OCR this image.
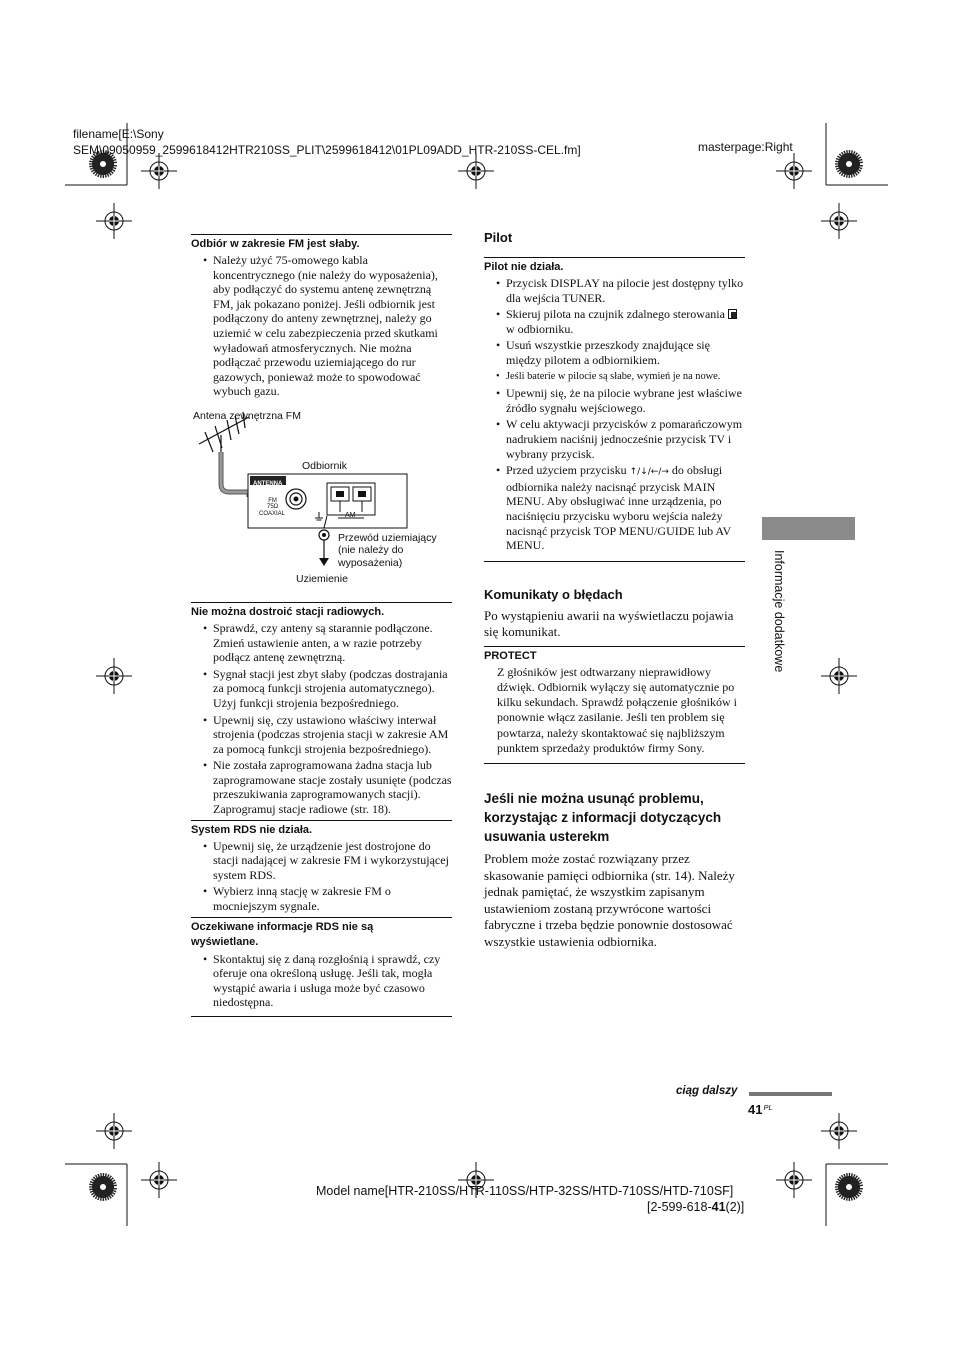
filename[E:\Sony
SEM\09050959_2599618412HTR210SS_PLIT\2599618412\01PL09ADD_HTR-210SS-CEL.fm]	masterpage:Right
Odbiór w zakresie FM jest słaby.
• Należy użyć 75-omowego kabla koncentrycznego (nie należy do wyposażenia), aby podłączyć do systemu antenę zewnętrzną FM, jak pokazano poniżej. Jeśli odbiornik jest podłączony do anteny zewnętrznej, należy go uziemić w celu zabezpieczenia przed skutkami wyładowań atmosferycznych. Nie można podłączać przewodu uziemiającego do rur gazowych, ponieważ może to spowodować wybuch gazu.
Antena zewnętrzna FM
Odbiornik
ANTENNA
FM
75Ω
COAXIAL	AM
Przewód uziemiający
(nie należy do
wyposażenia)
Uziemienie
Nie można dostroić stacji radiowych.
• Sprawdź, czy anteny są starannie podłączone. Zmień ustawienie anten, a w razie potrzeby podłącz antenę zewnętrzną.
• Sygnał stacji jest zbyt słaby (podczas dostrajania za pomocą funkcji strojenia automatycznego). Użyj funkcji strojenia bezpośredniego.
• Upewnij się, czy ustawiono właściwy interwał strojenia (podczas strojenia stacji w zakresie AM za pomocą funkcji strojenia bezpośredniego).
• Nie została zaprogramowana żadna stacja lub zaprogramowane stacje zostały usunięte (podczas przeszukiwania zaprogramowanych stacji). Zaprogramuj stacje radiowe (str. 18).
System RDS nie działa.
• Upewnij się, że urządzenie jest dostrojone do stacji nadającej w zakresie FM i wykorzystującej system RDS.
• Wybierz inną stację w zakresie FM o mocniejszym sygnale.
Oczekiwane informacje RDS nie są
wyświetlane.
• Skontaktuj się z daną rozgłośnią i sprawdź, czy oferuje ona określoną usługę. Jeśli tak, mogła wystąpić awaria i usługa może być czasowo niedostępna.
Pilot
Pilot nie działa.
• Przycisk DISPLAY na pilocie jest dostępny tylko dla wejścia TUNER.
• Skieruj pilota na czujnik zdalnego sterowania  w odbiorniku.
• Usuń wszystkie przeszkody znajdujące się między pilotem a odbiornikiem.
• Jeśli baterie w pilocie są słabe, wymień je na nowe.
• Upewnij się, że na pilocie wybrane jest właściwe źródło sygnału wejściowego.
• W celu aktywacji przycisków z pomarańczowym nadrukiem naciśnij jednocześnie przycisk TV i wybrany przycisk.
• Przed użyciem przycisku ↑/↓/←/→ do obsługi odbiornika należy nacisnąć przycisk MAIN MENU. Aby obsługiwać inne urządzenia, po naciśnięciu przycisku wyboru wejścia należy nacisnąć przycisk TOP MENU/GUIDE lub AV MENU.
Komunikaty o błędach
Po wystąpieniu awarii na wyświetlaczu pojawia się komunikat.
PROTECT
Z głośników jest odtwarzany nieprawidłowy dźwięk. Odbiornik wyłączy się automatycznie po kilku sekundach. Sprawdź połączenie głośników i ponownie włącz zasilanie. Jeśli ten problem się powtarza, należy skontaktować się najbliższym punktem sprzedaży produktów firmy Sony.
Jeśli nie można usunąć problemu,
korzystając z informacji dotyczących
usuwania usterekm
Problem może zostać rozwiązany przez skasowanie pamięci odbiornika (str. 14). Należy jednak pamiętać, że wszystkim zapisanym ustawieniom zostaną przywrócone wartości fabryczne i trzeba będzie ponownie dostosować wszystkie ustawienia odbiornika.
Informacje dodatkowe
ciąg dalszy
$41^{PL}$
Model name[HTR-210SS/HTR-110SS/HTP-32SS/HTD-710SS/HTD-710SF]
[2-599-618-41(2)]
